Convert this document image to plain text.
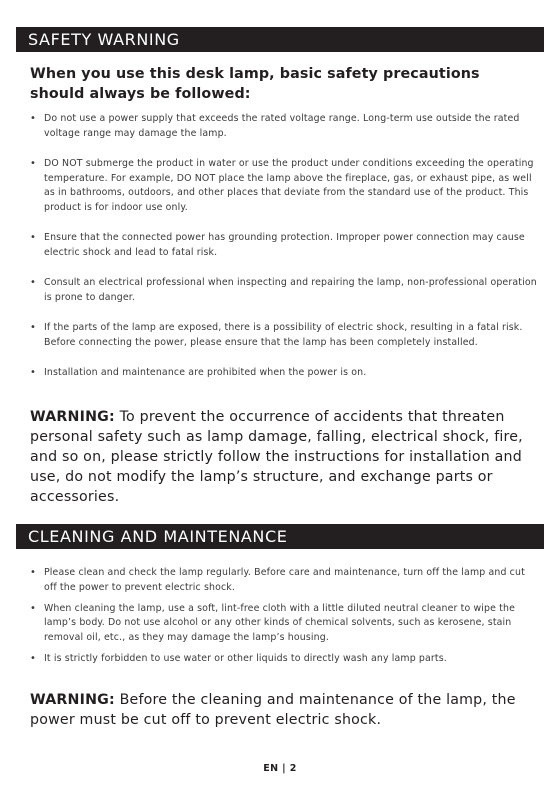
SAFETY WARNING
When you use this desk lamp, basic safety precautions should always be followed:
• Do not use a power supply that exceeds the rated voltage range. Long-term use outside the rated voltage range may damage the lamp.
• DO NOT submerge the product in water or use the product under conditions exceeding the operating temperature. For example, DO NOT place the lamp above the fireplace, gas, or exhaust pipe, as well as in bathrooms, outdoors, and other places that deviate from the standard use of the product. This product is for indoor use only.
• Ensure that the connected power has grounding protection. Improper power connection may cause electric shock and lead to fatal risk.
• Consult an electrical professional when inspecting and repairing the lamp, non-professional operation is prone to danger.
• If the parts of the lamp are exposed, there is a possibility of electric shock, resulting in a fatal risk. Before connecting the power, please ensure that the lamp has been completely installed.
• Installation and maintenance are prohibited when the power is on.
WARNING: To prevent the occurrence of accidents that threaten personal safety such as lamp damage, falling, electrical shock, fire, and so on, please strictly follow the instructions for installation and use, do not modify the lamp’s structure, and exchange parts or accessories.
CLEANING AND MAINTENANCE
• Please clean and check the lamp regularly. Before care and maintenance, turn off the lamp and cut off the power to prevent electric shock.
• When cleaning the lamp, use a soft, lint-free cloth with a little diluted neutral cleaner to wipe the lamp’s body. Do not use alcohol or any other kinds of chemical solvents, such as kerosene, stain removal oil, etc., as they may damage the lamp’s housing.
• It is strictly forbidden to use water or other liquids to directly wash any lamp parts.
WARNING: Before the cleaning and maintenance of the lamp, the power must be cut off to prevent electric shock.
EN | 2
